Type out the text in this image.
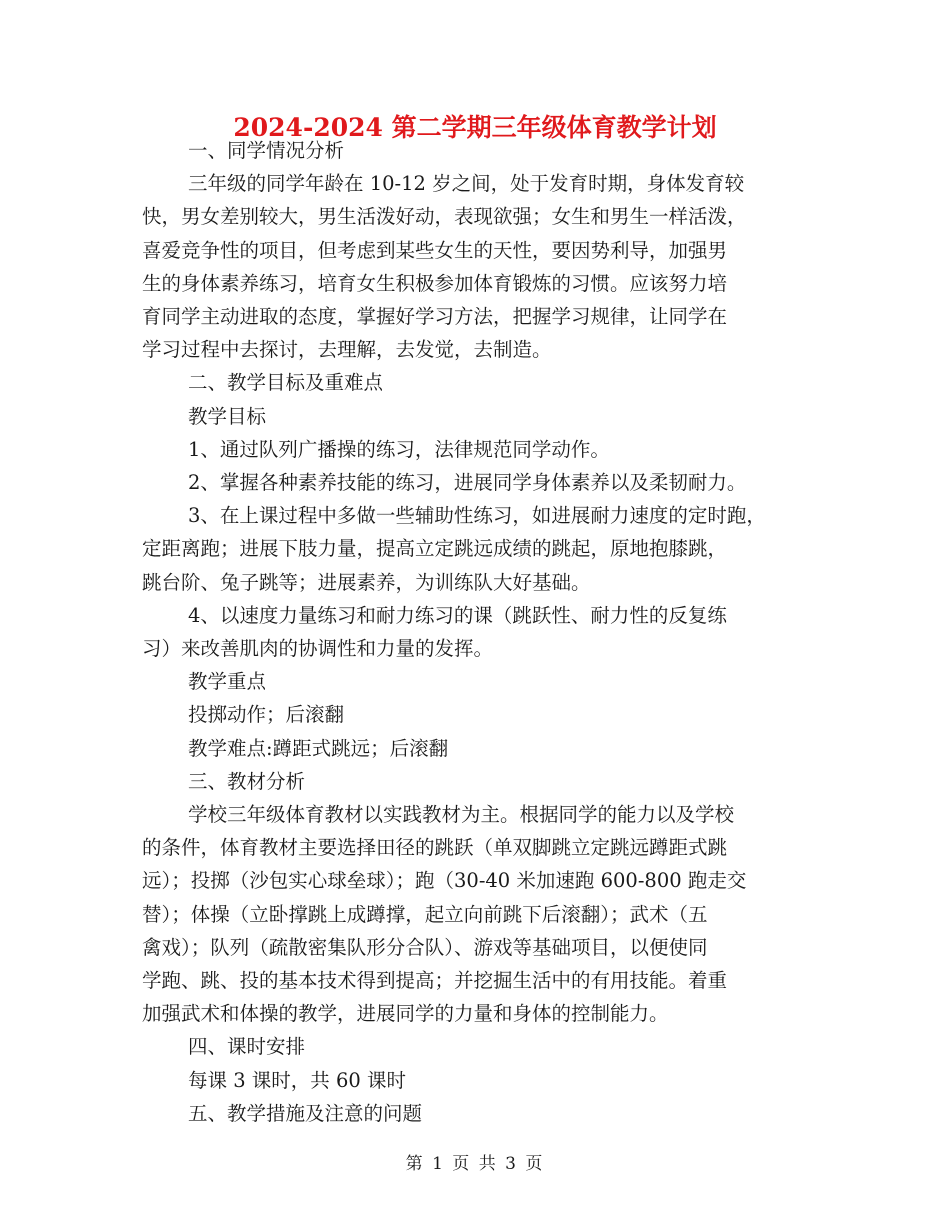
2024-2024 第二学期三年级体育教学计划

一、同学情况分析

三年级的同学年龄在 10-12 岁之间，处于发育时期，身体发育较

快，男女差别较大，男生活泼好动，表现欲强；女生和男生一样活泼，

喜爱竞争性的项目，但考虑到某些女生的天性，要因势利导，加强男

生的身体素养练习，培育女生积极参加体育锻炼的习惯。应该努力培

育同学主动进取的态度，掌握好学习方法，把握学习规律，让同学在

学习过程中去探讨，去理解，去发觉，去制造。

二、教学目标及重难点

教学目标

1、通过队列广播操的练习，法律规范同学动作。

2、掌握各种素养技能的练习，进展同学身体素养以及柔韧耐力。

3、在上课过程中多做一些辅助性练习，如进展耐力速度的定时跑，

定距离跑；进展下肢力量，提高立定跳远成绩的跳起，原地抱膝跳，

跳台阶、兔子跳等；进展素养，为训练队大好基础。

4、以速度力量练习和耐力练习的课（跳跃性、耐力性的反复练

习）来改善肌肉的协调性和力量的发挥。

教学重点

投掷动作；后滚翻

教学难点:蹲距式跳远；后滚翻

三、教材分析

学校三年级体育教材以实践教材为主。根据同学的能力以及学校

的条件，体育教材主要选择田径的跳跃（单双脚跳立定跳远蹲距式跳

远）；投掷（沙包实心球垒球）；跑（30-40 米加速跑 600-800 跑走交

替）；体操（立卧撑跳上成蹲撑，起立向前跳下后滚翻）；武术（五

禽戏）；队列（疏散密集队形分合队）、游戏等基础项目，以便使同

学跑、跳、投的基本技术得到提高；并挖掘生活中的有用技能。着重

加强武术和体操的教学，进展同学的力量和身体的控制能力。

四、课时安排

每课 3 课时，共 60 课时

五、教学措施及注意的问题

第 1 页 共 3 页
